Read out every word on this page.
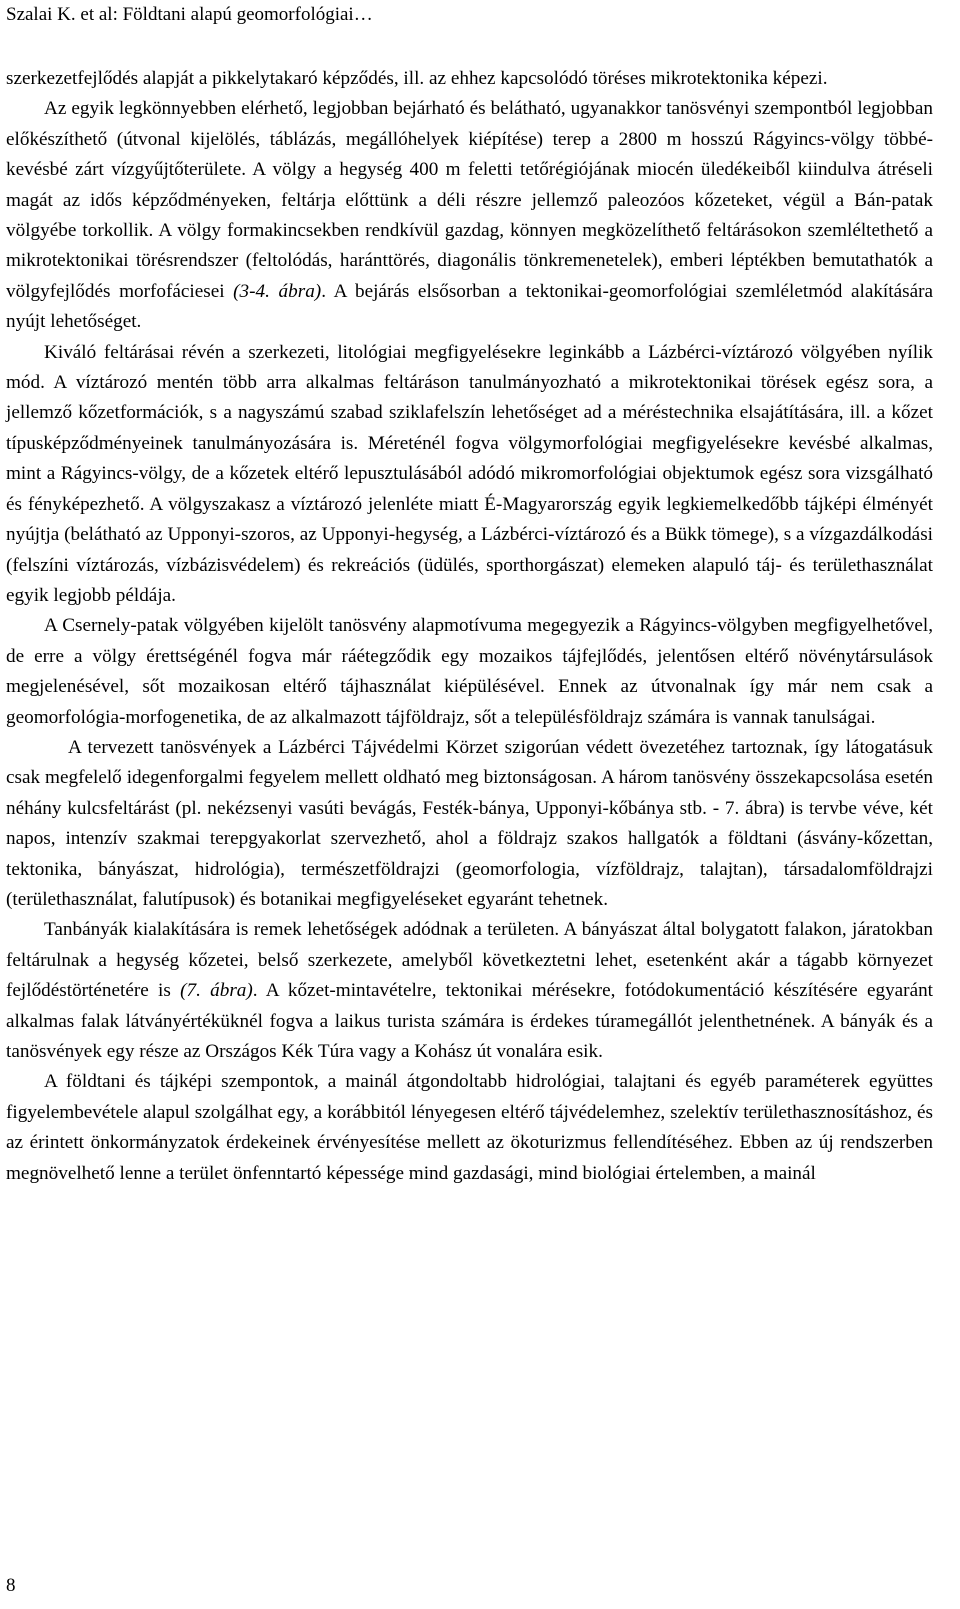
Szalai K. et al: Földtani alapú geomorfológiai…

szerkezetfejlődés alapját a pikkelytakaró képződés, ill. az ehhez kapcsolódó töréses mikrotektonika képezi.

Az egyik legkönnyebben elérhető, legjobban bejárható és belátható, ugyanakkor tanösvényi szempontból legjobban előkészíthető (útvonal kijelölés, táblázás, megállóhelyek kiépítése) terep a 2800 m hosszú Rágyincs-völgy többé-kevésbé zárt vízgyűjtőterülete. A völgy a hegység 400 m feletti tetőrégiójának miocén üledékeiből kiindulva átréseli magát az idős képződményeken, feltárja előttünk a déli részre jellemző paleozóos kőzeteket, végül a Bán-patak völgyébe torkollik. A völgy formakincsekben rendkívül gazdag, könnyen megközelíthető feltárásokon szemléltethető a mikrotektonikai törésrendszer (feltolódás, haránttörés, diagonális tönkremenetelek), emberi léptékben bemutathatók a völgyfejlődés morfofáciesei (3-4. ábra). A bejárás elsősorban a tektonikai-geomorfológiai szemléletmód alakítására nyújt lehetőséget.

Kiváló feltárásai révén a szerkezeti, litológiai megfigyelésekre leginkább a Lázbérci-víztározó völgyében nyílik mód. A víztározó mentén több arra alkalmas feltáráson tanulmányozható a mikrotektonikai törések egész sora, a jellemző kőzetformációk, s a nagyszámú szabad sziklafelszín lehetőséget ad a méréstechnika elsajátítására, ill. a kőzet típusképződményeinek tanulmányozására is. Méreténél fogva völgymorfológiai megfigyelésekre kevésbé alkalmas, mint a Rágyincs-völgy, de a kőzetek eltérő lepusztulásából adódó mikromorfológiai objektumok egész sora vizsgálható és fényképezhető. A völgyszakasz a víztározó jelenléte miatt É-Magyarország egyik legkiemelkedőbb tájképi élményét nyújtja (belátható az Upponyi-szoros, az Upponyi-hegység, a Lázbérci-víztározó és a Bükk tömege), s a vízgazdálkodási (felszíni víztározás, vízbázisvédelem) és rekreációs (üdülés, sporthorgászat) elemeken alapuló táj- és területhasználat egyik legjobb példája.

A Csernely-patak völgyében kijelölt tanösvény alapmotívuma megegyezik a Rágyincs-völgyben megfigyelhetővel, de erre a völgy érettségénél fogva már ráétegződik egy mozaikos tájfejlődés, jelentősen eltérő növénytársulások megjelenésével, sőt mozaikosan eltérő tájhasználat kiépülésével. Ennek az útvonalnak így már nem csak a geomorfológia-morfogenetika, de az alkalmazott tájföldrajz, sőt a településföldrajz számára is vannak tanulságai.

A tervezett tanösvények a Lázbérci Tájvédelmi Körzet szigorúan védett övezetéhez tartoznak, így látogatásuk csak megfelelő idegenforgalmi fegyelem mellett oldható meg biztonságosan. A három tanösvény összekapcsolása esetén néhány kulcsfeltárást (pl. nekézsenyi vasúti bevágás, Festék-bánya, Upponyi-kőbánya stb. - 7. ábra) is tervbe véve, két napos, intenzív szakmai terepgyakorlat szervezhető, ahol a földrajz szakos hallgatók a földtani (ásvány-kőzettan, tektonika, bányászat, hidrológia), természetföldrajzi (geomorfologia, vízföldrajz, talajtan), társadalomföldrajzi (területhasználat, falutípusok) és botanikai megfigyeléseket egyaránt tehetnek.

Tanbányák kialakítására is remek lehetőségek adódnak a területen. A bányászat által bolygatott falakon, járatokban feltárulnak a hegység kőzetei, belső szerkezete, amelyből következtetni lehet, esetenként akár a tágabb környezet fejlődéstörténetére is (7. ábra). A kőzet-mintavételre, tektonikai mérésekre, fotódokumentáció készítésére egyaránt alkalmas falak látványértéküknél fogva a laikus turista számára is érdekes túramegállót jelenthetnének. A bányák és a tanösvények egy része az Országos Kék Túra vagy a Kohász út vonalára esik.

A földtani és tájképi szempontok, a mainál átgondoltabb hidrológiai, talajtani és egyéb paraméterek együttes figyelembevétele alapul szolgálhat egy, a korábbitól lényegesen eltérő tájvédelemhez, szelektív területhasznosításhoz, és az érintett önkormányzatok érdekeinek érvényesítése mellett az ökoturizmus fellendítéséhez. Ebben az új rendszerben megnövelhető lenne a terület önfenntartó képessége mind gazdasági, mind biológiai értelemben, a mainál

8
